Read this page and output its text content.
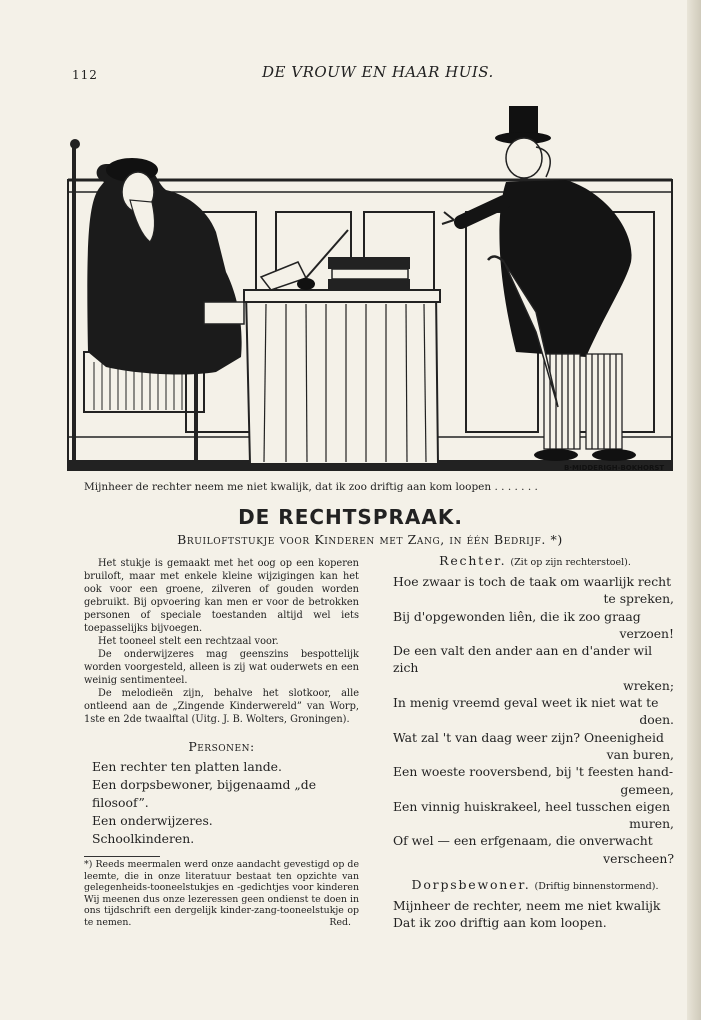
112	DE VROUW EN HAAR HUIS.
B·MIDDERIGH-BOKHORST
Mijnheer de rechter neem me niet kwalijk, dat ik zoo driftig aan kom loopen . . . . . . .
DE RECHTSPRAAK.
Bruiloftstukje voor Kinderen met Zang, in één Bedrijf. *)

Het stukje is gemaakt met het oog op een koperen bruiloft, maar met enkele kleine wijzigingen kan het ook voor een groene, zilveren of gouden worden gebruikt. Bij opvoering kan men er voor de betrokken personen of speciale toestanden altijd wel iets toepasselijks bijvoegen.

Het tooneel stelt een rechtzaal voor.

De onderwijzeres mag geenszins bespottelijk worden voorgesteld, alleen is zij wat ouderwets en een weinig sentimenteel.

De melodieën zijn, behalve het slotkoor, alle ontleend aan de „Zingende Kinderwereld” van Worp, 1ste en 2de twaalftal (Uitg. J. B. Wolters, Groningen).

Personen:
Een rechter ten platten lande.
Een dorpsbewoner, bijgenaamd „de filosoof”.
Een onderwijzeres.
Schoolkinderen.
*) Reeds meermalen werd onze aandacht gevestigd op de leemte, die in onze literatuur bestaat ten opzichte van gelegenheids-tooneelstukjes en -gedichtjes voor kinderen Wij meenen dus onze lezeressen geen ondienst te doen in ons tijdschrift een dergelijk kinder-zang-tooneelstukje op te nemen.	Red.
Rechter. (Zit op zijn rechterstoel).
Hoe zwaar is toch de taak om waarlijk recht
te spreken,
Bij d'opgewonden liên, die ik zoo graag
verzoen!
De een valt den ander aan en d'ander wil zich
wreken;
In menig vreemd geval weet ik niet wat te
doen.
Wat zal 't van daag weer zijn? Oneenigheid
van buren,
Een woeste rooversbend, bij 't feesten hand-
gemeen,
Een vinnig huiskrakeel, heel tusschen eigen
muren,
Of wel — een erfgenaam, die onverwacht
verscheen?
Dorpsbewoner. (Driftig binnenstormend).
Mijnheer de rechter, neem me niet kwalijk
Dat ik zoo driftig aan kom loopen.
